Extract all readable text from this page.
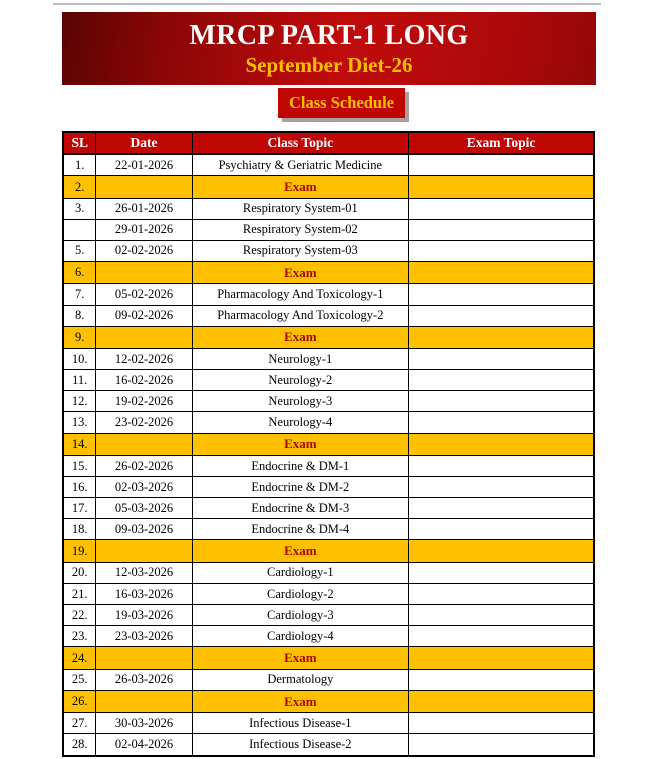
MRCP PART-1 LONG
September Diet-26
Class Schedule
SL	Date	Class Topic	Exam Topic
1.	22-01-2026	Psychiatry & Geriatric Medicine	
2.		Exam	
3.	26-01-2026	Respiratory System-01	
	29-01-2026	Respiratory System-02	
5.	02-02-2026	Respiratory System-03	
6.		Exam	
7.	05-02-2026	Pharmacology And Toxicology-1	
8.	09-02-2026	Pharmacology And Toxicology-2	
9.		Exam	
10.	12-02-2026	Neurology-1	
11.	16-02-2026	Neurology-2	
12.	19-02-2026	Neurology-3	
13.	23-02-2026	Neurology-4	
14.		Exam	
15.	26-02-2026	Endocrine & DM-1	
16.	02-03-2026	Endocrine & DM-2	
17.	05-03-2026	Endocrine & DM-3	
18.	09-03-2026	Endocrine & DM-4	
19.		Exam	
20.	12-03-2026	Cardiology-1	
21.	16-03-2026	Cardiology-2	
22.	19-03-2026	Cardiology-3	
23.	23-03-2026	Cardiology-4	
24.		Exam	
25.	26-03-2026	Dermatology	
26.		Exam	
27.	30-03-2026	Infectious Disease-1	
28.	02-04-2026	Infectious Disease-2	
